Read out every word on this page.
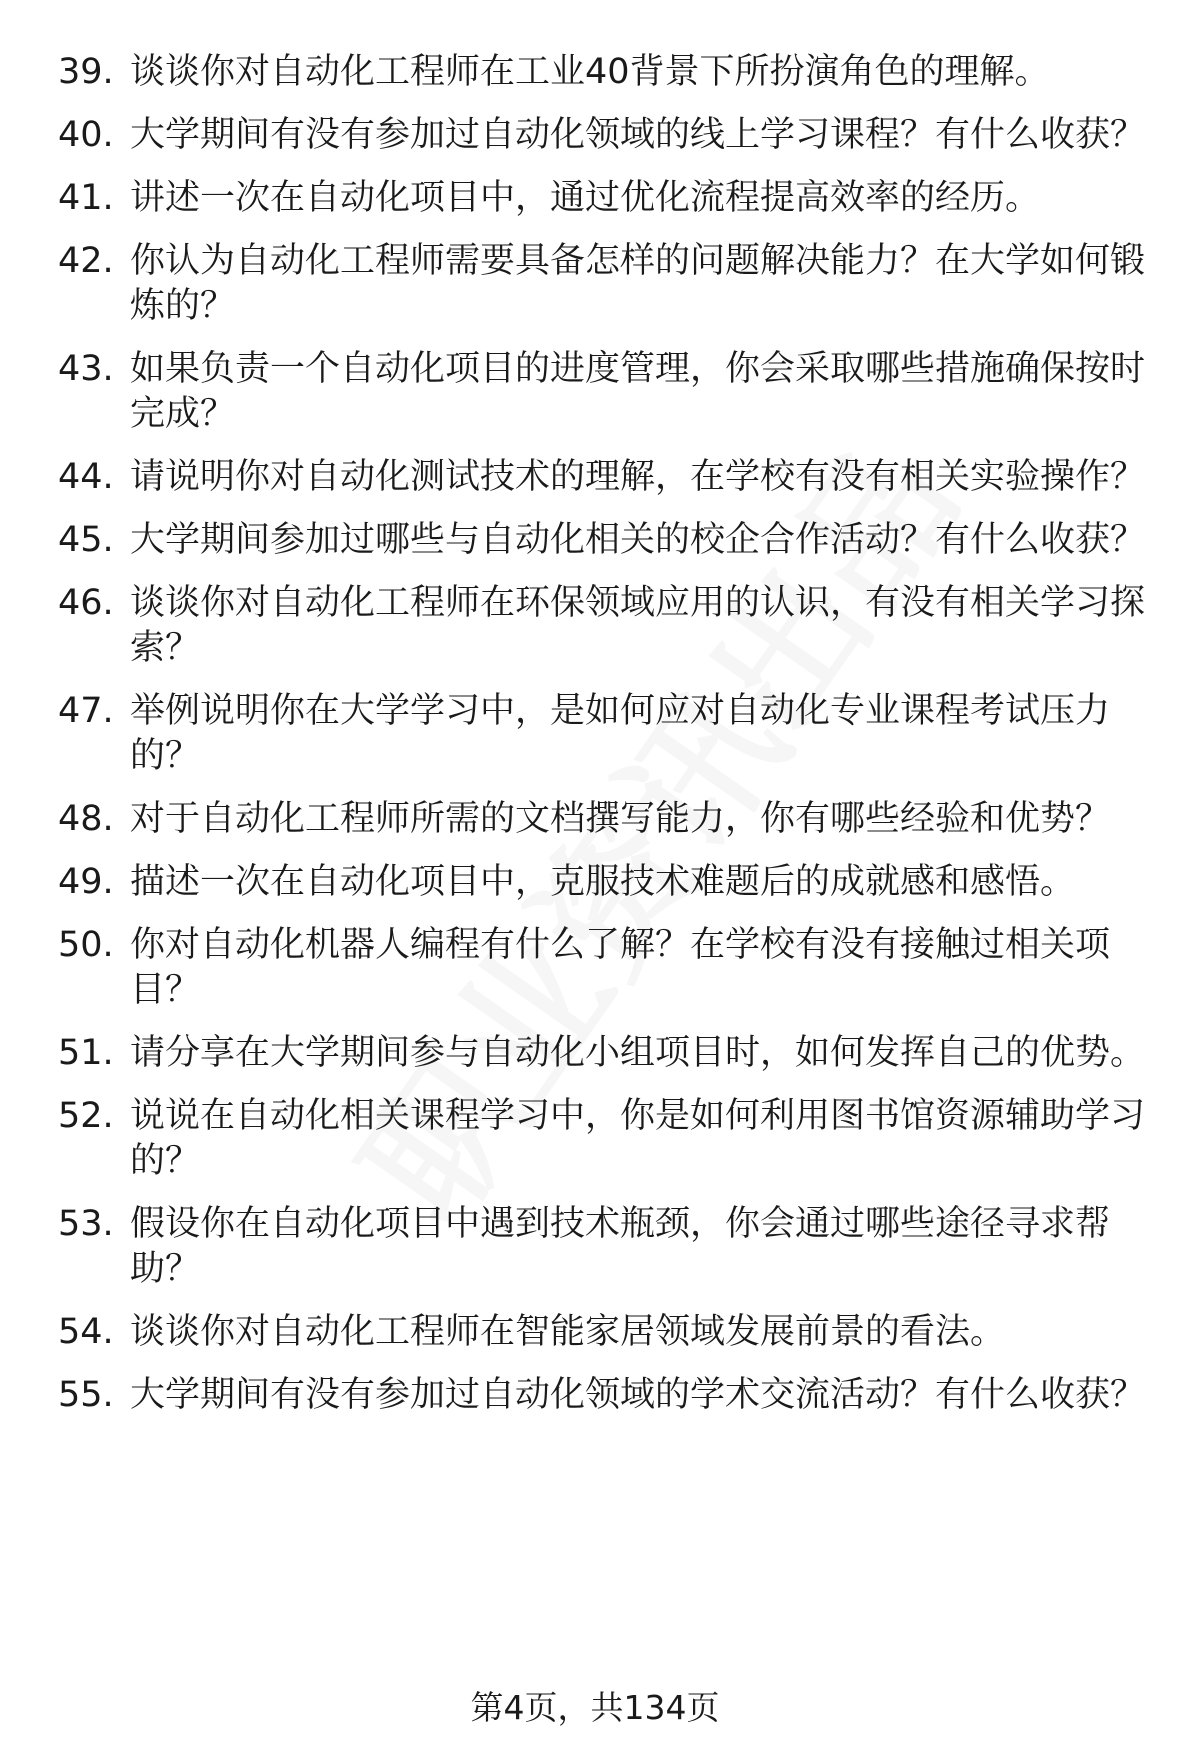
39. 谈谈你对自动化工程师在工业40背景下所扮演角色的理解。
40. 大学期间有没有参加过自动化领域的线上学习课程？有什么收获？
41. 讲述一次在自动化项目中，通过优化流程提高效率的经历。
42. 你认为自动化工程师需要具备怎样的问题解决能力？在大学如何锻炼的？
43. 如果负责一个自动化项目的进度管理，你会采取哪些措施确保按时完成？
44. 请说明你对自动化测试技术的理解，在学校有没有相关实验操作？
45. 大学期间参加过哪些与自动化相关的校企合作活动？有什么收获？
46. 谈谈你对自动化工程师在环保领域应用的认识，有没有相关学习探索？
47. 举例说明你在大学学习中，是如何应对自动化专业课程考试压力的？
48. 对于自动化工程师所需的文档撰写能力，你有哪些经验和优势？
49. 描述一次在自动化项目中，克服技术难题后的成就感和感悟。
50. 你对自动化机器人编程有什么了解？在学校有没有接触过相关项目？
51. 请分享在大学期间参与自动化小组项目时，如何发挥自己的优势。
52. 说说在自动化相关课程学习中，你是如何利用图书馆资源辅助学习的？
53. 假设你在自动化项目中遇到技术瓶颈，你会通过哪些途径寻求帮助？
54. 谈谈你对自动化工程师在智能家居领域发展前景的看法。
55. 大学期间有没有参加过自动化领域的学术交流活动？有什么收获？
第4页，共134页
